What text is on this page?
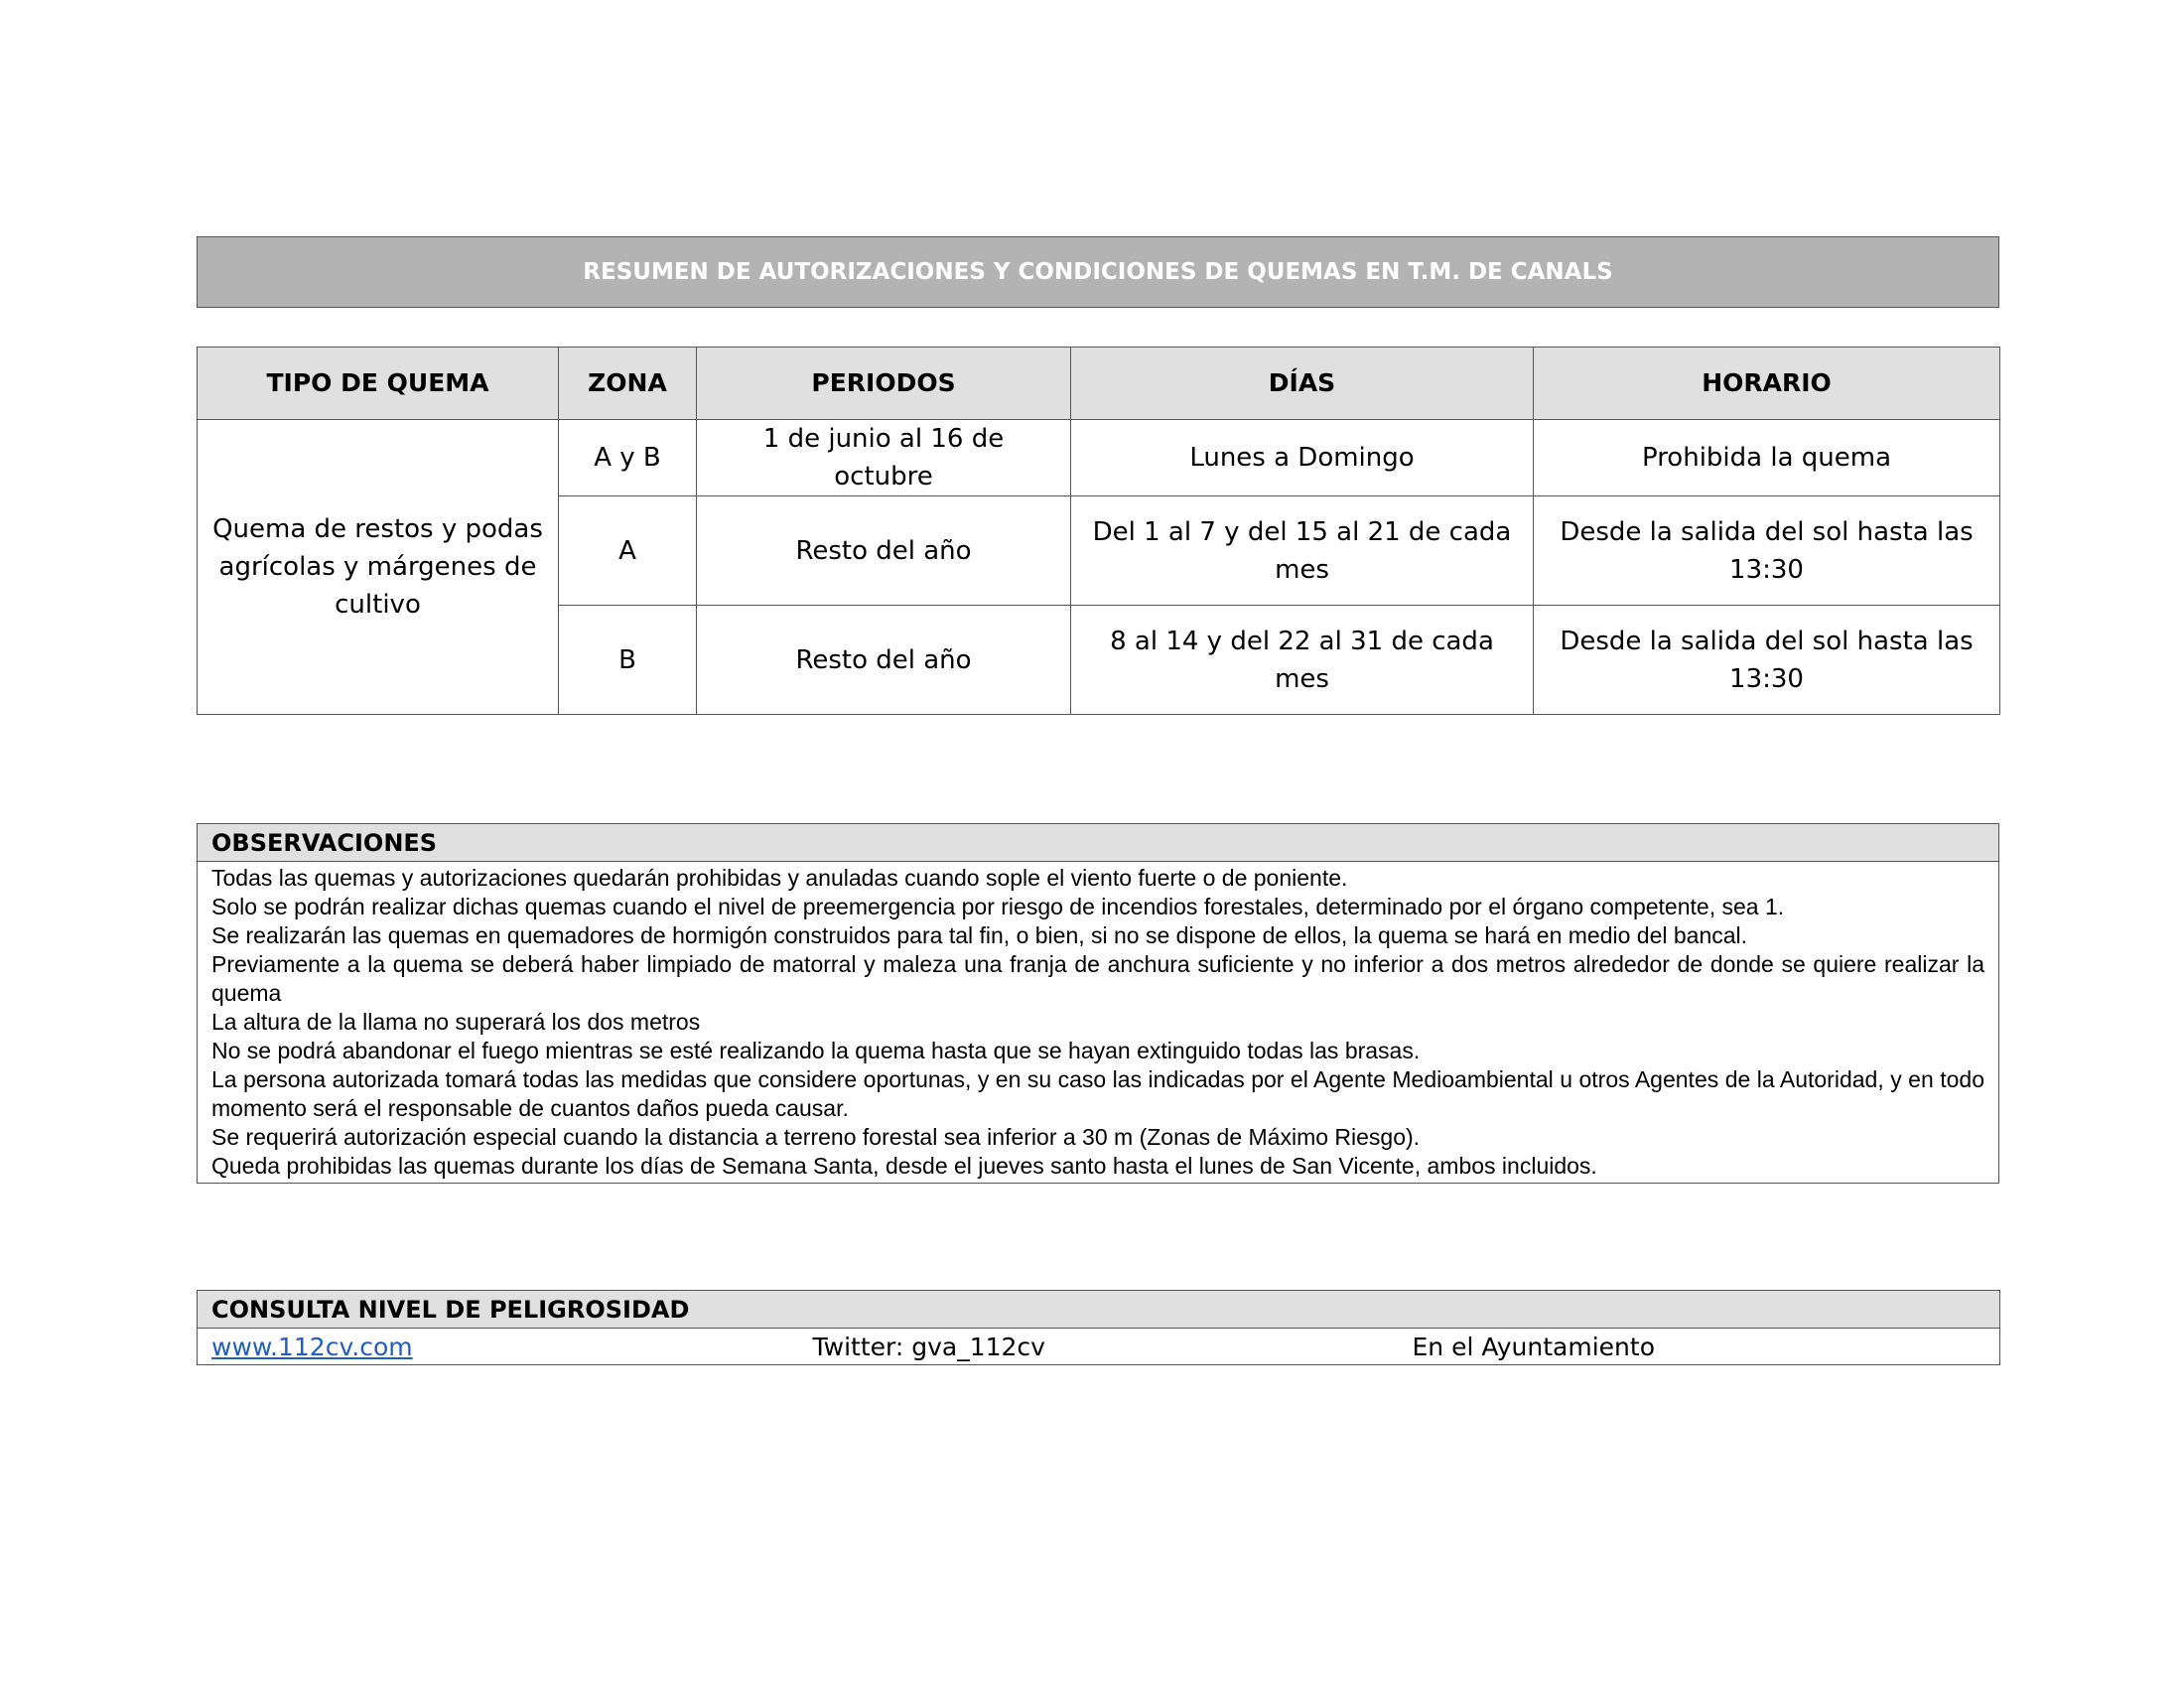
RESUMEN DE AUTORIZACIONES Y CONDICIONES DE QUEMAS EN T.M. DE CANALS
TIPO DE QUEMA	ZONA	PERIODOS	DÍAS	HORARIO
Quema de restos y podas agrícolas y márgenes de cultivo	A y B	1 de junio al 16 de octubre	Lunes a Domingo	Prohibida la quema
	A	Resto del año	Del 1 al 7 y del 15 al 21 de cada mes	Desde la salida del sol hasta las 13:30
	B	Resto del año	8 al 14 y del 22 al 31 de cada mes	Desde la salida del sol hasta las 13:30
OBSERVACIONES

Todas las quemas y autorizaciones quedarán prohibidas y anuladas cuando sople el viento fuerte o de poniente.
Solo se podrán realizar dichas quemas cuando el nivel de preemergencia por riesgo de incendios forestales, determinado por el órgano competente, sea 1.
Se realizarán las quemas en quemadores de hormigón construidos para tal fin, o bien, si no se dispone de ellos, la quema se hará en medio del bancal.
Previamente a la quema se deberá haber limpiado de matorral y maleza una franja de anchura suficiente y no inferior a dos metros alrededor de donde se quiere realizar la quema
La altura de la llama no superará los dos metros
No se podrá abandonar el fuego mientras se esté realizando la quema hasta que se hayan extinguido todas las brasas.
La persona autorizada tomará todas las medidas que considere oportunas, y en su caso las indicadas por el Agente Medioambiental u otros Agentes de la Autoridad, y en todo momento será el responsable de cuantos daños pueda causar.
Se requerirá autorización especial cuando la distancia a terreno forestal sea inferior a 30 m (Zonas de Máximo Riesgo).
Queda prohibidas las quemas durante los días de Semana Santa, desde el jueves santo hasta el lunes de San Vicente, ambos incluidos.
CONSULTA NIVEL DE PELIGROSIDAD
www.112cv.com	Twitter: gva_112cv	En el Ayuntamiento
